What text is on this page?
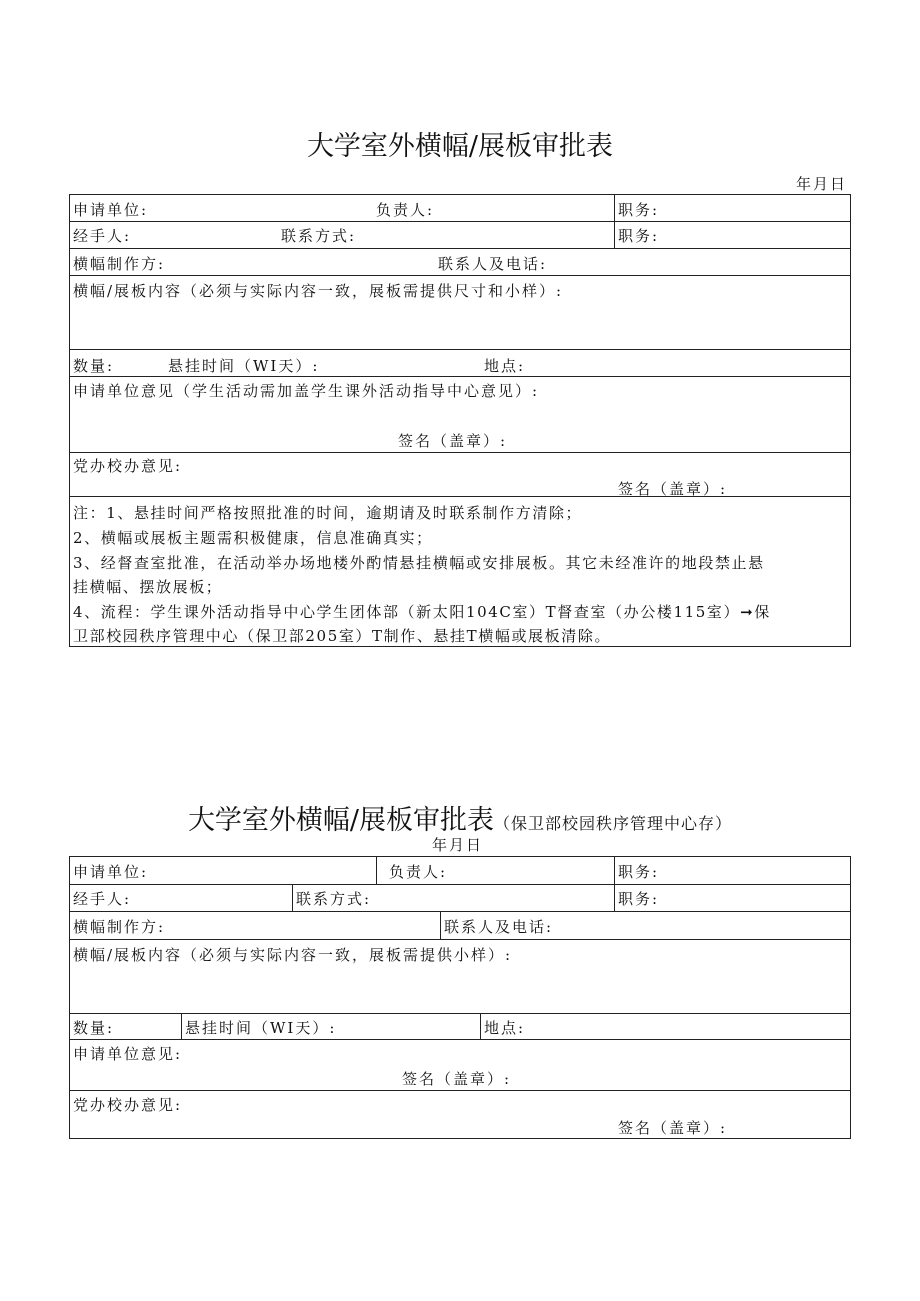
大学室外横幅/展板审批表
年月日
申请单位:	负责人:	职务:
经手人:	联系方式:	职务:
横幅制作方:	联系人及电话:
横幅/展板内容（必须与实际内容一致，展板需提供尺寸和小样）:
数量:	悬挂时间（WI天）:	地点:
申请单位意见（学生活动需加盖学生课外活动指导中心意见）:
签名（盖章）:
党办校办意见:
签名（盖章）:
注：1、悬挂时间严格按照批准的时间，逾期请及时联系制作方清除；
2、横幅或展板主题需积极健康，信息准确真实；
3、经督查室批准，在活动举办场地楼外酌情悬挂横幅或安排展板。其它未经准许的地段禁止悬
挂横幅、摆放展板；
4、流程：学生课外活动指导中心学生团体部（新太阳104C室）T督查室（办公楼115室）➞保
卫部校园秩序管理中心（保卫部205室）T制作、悬挂T横幅或展板清除。
大学室外横幅/展板审批表（保卫部校园秩序管理中心存）
年月日
申请单位:	负责人:	职务:
经手人:	联系方式:	职务:
横幅制作方:	联系人及电话:
横幅/展板内容（必须与实际内容一致，展板需提供小样）:
数量:	悬挂时间（WI天）:	地点:
申请单位意见:
签名（盖章）:
党办校办意见:
签名（盖章）:
